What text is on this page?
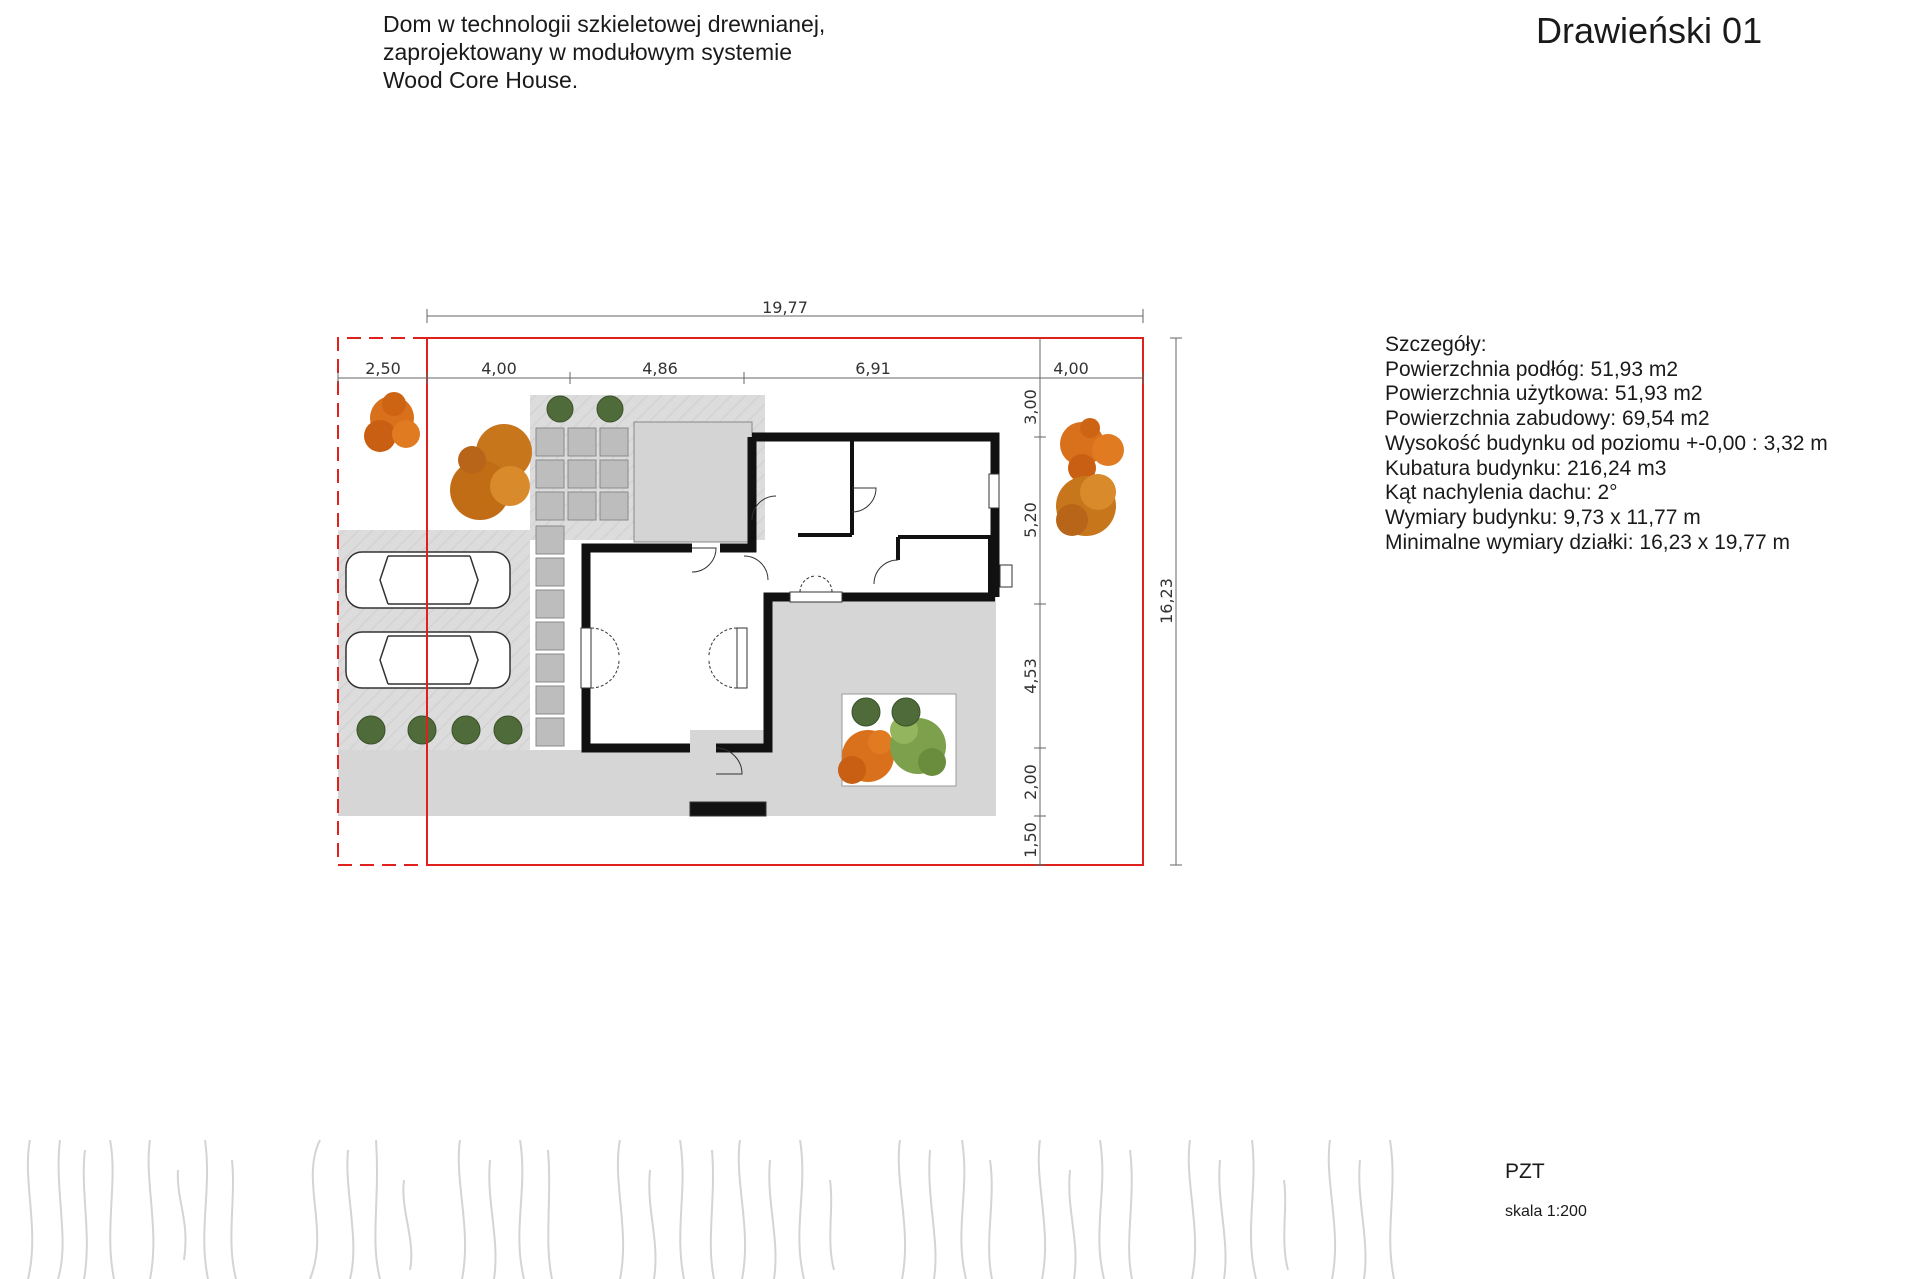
Dom w technologii szkieletowej drewnianej,
zaprojektowany w modułowym systemie
Wood Core House.
Drawieński 01
Szczegóły:
Powierzchnia podłóg: 51,93 m2
Powierzchnia użytkowa: 51,93 m2
Powierzchnia zabudowy: 69,54 m2
Wysokość budynku od poziomu +-0,00 : 3,32 m
Kubatura budynku: 216,24 m3
Kąt nachylenia dachu: 2°
Wymiary budynku: 9,73 x 11,77 m
Minimalne wymiary działki: 16,23 x 19,77 m
19,77
2,50	4,00	4,86	6,91	4,00
3,00
5,20
4,53
2,00
1,50
16,23
PZT
skala 1:200
